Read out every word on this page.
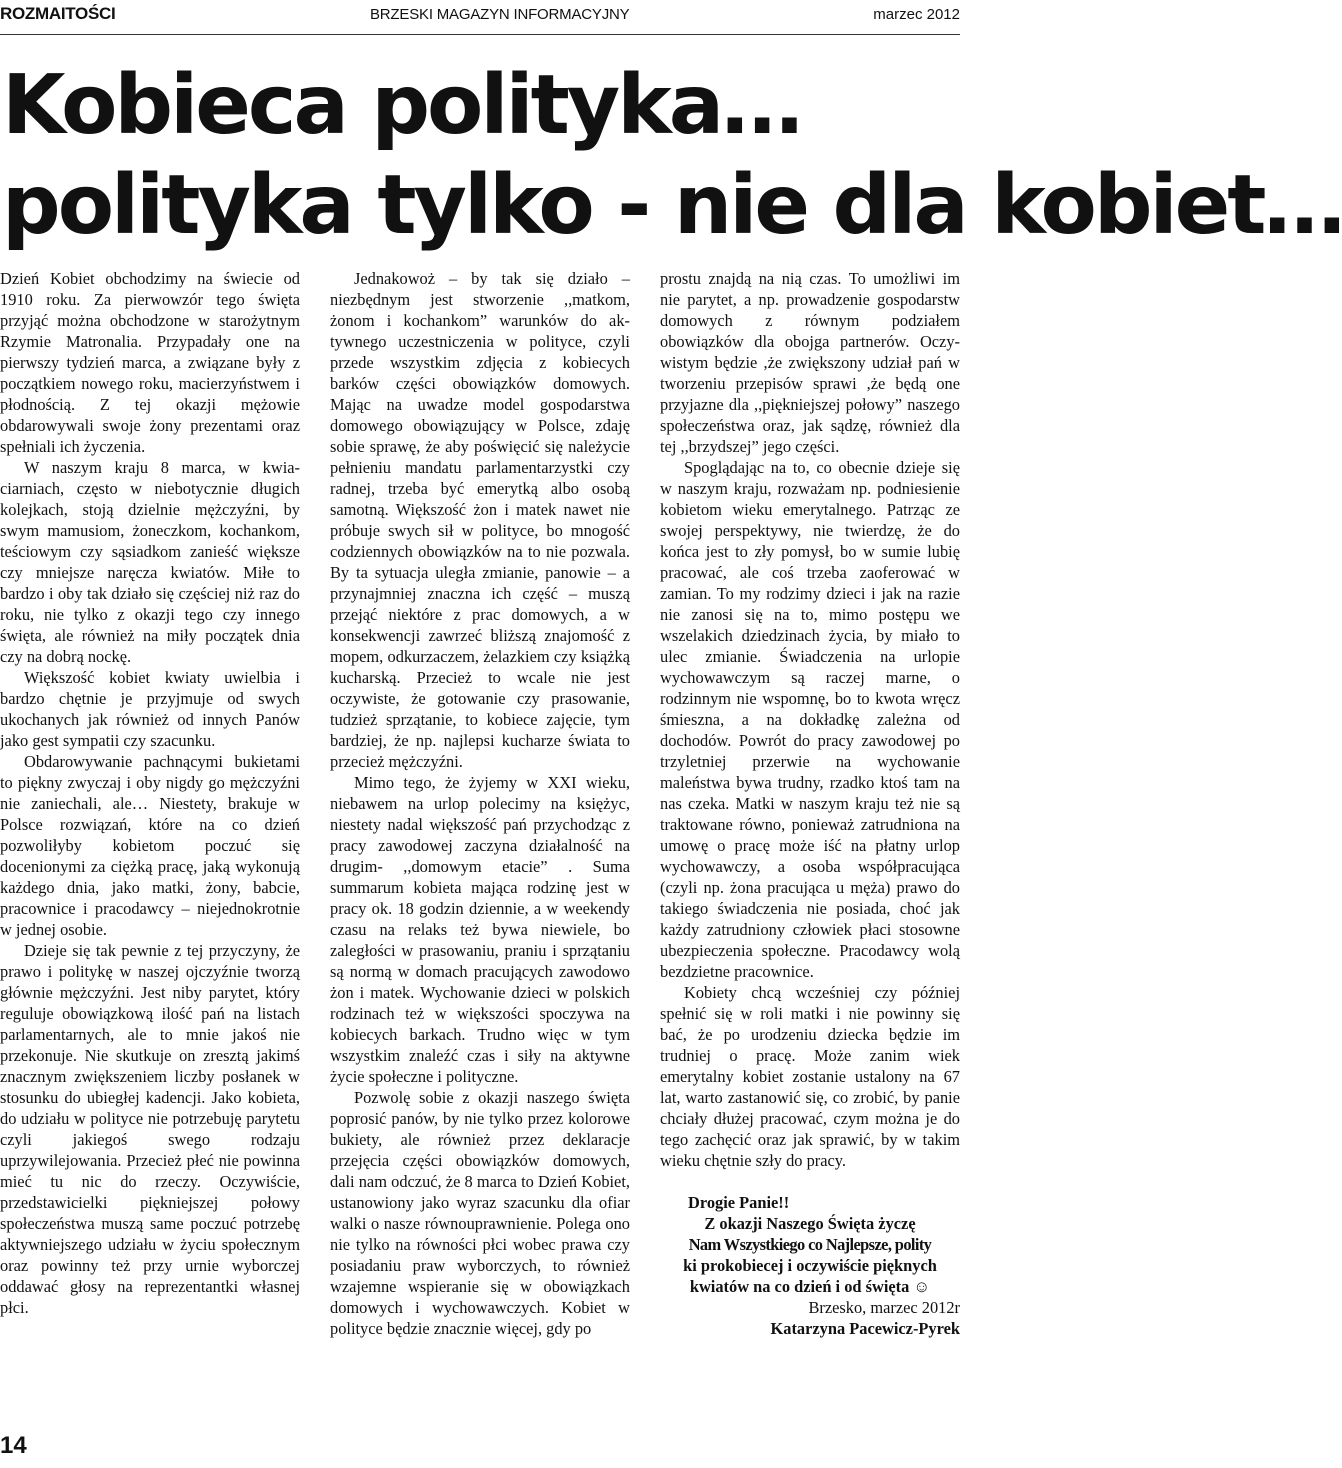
ROZMAITOŚCI	BRZESKI MAGAZYN INFORMACYJNY	marzec 2012
Kobieca polityka…
polityka tylko - nie dla kobiet…

Dzień Kobiet obchodzimy na świecie od 1910 roku. Za pierwowzór tego święta przyjąć można obchodzone w starożytnym Rzymie Matronalia. Przypadały one na pierwszy tydzień marca, a związane były z początkiem nowego roku, macierzyństwem i płodnością. Z tej okazji mężowie obdarowywali swoje żony prezentami oraz spełniali ich życzenia.

W naszym kraju 8 marca, w kwiaciarniach, często w niebotycznie długich kolejkach, stoją dzielnie mężczyźni, by swym mamusiom, żoneczkom, kochankom, teściowym czy sąsiadkom zanieść większe czy mniejsze naręcza kwiatów. Miłe to bardzo i oby tak działo się częściej niż raz do roku, nie tylko z okazji tego czy innego święta, ale również na miły początek dnia czy na dobrą nockę.

Większość kobiet kwiaty uwielbia i bardzo chętnie je przyjmuje od swych ukochanych jak również od innych Panów jako gest sympatii czy szacunku.

Obdarowywanie pachnącymi bukietami to piękny zwyczaj i oby nigdy go mężczyźni nie zaniechali, ale… Niestety, brakuje w Polsce rozwiązań, które na co dzień pozwoliłyby kobietom poczuć się docenionymi za ciężką pracę, jaką wykonują każdego dnia, jako matki, żony, babcie, pracownice i pracodawcy – niejednokrotnie w jednej osobie.

Dzieje się tak pewnie z tej przyczyny, że prawo i politykę w naszej ojczyźnie tworzą głównie mężczyźni. Jest niby parytet, który reguluje obowiązkową ilość pań na listach parlamentarnych, ale to mnie jakoś nie przekonuje. Nie skutkuje on zresztą jakimś znacznym zwiększeniem liczby posłanek w stosunku do ubiegłej kadencji. Jako kobieta, do udziału w polityce nie potrzebuję parytetu czyli jakiegoś swego rodzaju uprzywilejowania. Przecież płeć nie powinna mieć tu nic do rzeczy. Oczywiście, przedstawicielki piękniejszej połowy społeczeństwa muszą same poczuć potrzebę aktywniejszego udziału w życiu społecznym oraz powinny też przy urnie wyborczej oddawać głosy na reprezentantki własnej płci.

Jednakowoż – by tak się działo – niezbędnym jest stworzenie ,,matkom, żonom i kochankom” warunków do aktywnego uczestniczenia w polityce, czyli przede wszystkim zdjęcia z kobiecych barków części obowiązków domowych. Mając na uwadze model gospodarstwa domowego obowiązujący w Polsce, zdaję sobie sprawę, że aby poświęcić się należycie pełnieniu mandatu parlamentarzystki czy radnej, trzeba być emerytką albo osobą samotną. Większość żon i matek nawet nie próbuje swych sił w polityce, bo mnogość codziennych obowiązków na to nie pozwala. By ta sytuacja uległa zmianie, panowie – a przynajmniej znaczna ich część – muszą przejąć niektóre z prac domowych, a w konsekwencji zawrzeć bliższą znajomość z mopem, odkurzaczem, żelazkiem czy książką kucharską. Przecież to wcale nie jest oczywiste, że gotowanie czy prasowanie, tudzież sprzątanie, to kobiece zajęcie, tym bardziej, że np. najlepsi kucharze świata to przecież mężczyźni.

Mimo tego, że żyjemy w XXI wieku, niebawem na urlop polecimy na księżyc, niestety nadal większość pań przychodząc z pracy zawodowej zaczyna działalność na drugim- ,,domowym etacie” . Suma summarum kobieta mająca rodzinę jest w pracy ok. 18 godzin dziennie, a w weekendy czasu na relaks też bywa niewiele, bo zaległości w prasowaniu, praniu i sprzątaniu są normą w domach pracujących zawodowo żon i matek. Wychowanie dzieci w polskich rodzinach też w większości spoczywa na kobiecych barkach. Trudno więc w tym wszystkim znaleźć czas i siły na aktywne życie społeczne i polityczne.

Pozwolę sobie z okazji naszego święta poprosić panów, by nie tylko przez kolorowe bukiety, ale również przez deklaracje przejęcia części obowiązków domowych, dali nam odczuć, że 8 marca to Dzień Kobiet, ustanowiony jako wyraz szacunku dla ofiar walki o nasze równouprawnienie. Polega ono nie tylko na równości płci wobec prawa czy posiadaniu praw wyborczych, to również wzajemne wspieranie się w obowiązkach domowych i wychowawczych. Kobiet w polityce będzie znacznie więcej, gdy po

prostu znajdą na nią czas. To umożliwi im nie parytet, a np. prowadzenie gospodarstw domowych z równym podziałem obowiązków dla obojga partnerów. Oczywistym będzie ,że zwiększony udział pań w tworzeniu przepisów sprawi ,że będą one przyjazne dla ,,piękniejszej połowy” naszego społeczeństwa oraz, jak sądzę, również dla tej ,,brzydszej” jego części.

Spoglądając na to, co obecnie dzieje się w naszym kraju, rozważam np. podniesienie kobietom wieku emerytalnego. Patrząc ze swojej perspektywy, nie twierdzę, że do końca jest to zły pomysł, bo w sumie lubię pracować, ale coś trzeba zaoferować w zamian. To my rodzimy dzieci i jak na razie nie zanosi się na to, mimo postępu we wszelakich dziedzinach życia, by miało to ulec zmianie. Świadczenia na urlopie wychowawczym są raczej marne, o rodzinnym nie wspomnę, bo to kwota wręcz śmieszna, a na dokładkę zależna od dochodów. Powrót do pracy zawodowej po trzyletniej przerwie na wychowanie maleństwa bywa trudny, rzadko ktoś tam na nas czeka. Matki w naszym kraju też nie są traktowane równo, ponieważ zatrudniona na umowę o pracę może iść na płatny urlop wychowawczy, a osoba współpracująca (czyli np. żona pracująca u męża) prawo do takiego świadczenia nie posiada, choć jak każdy zatrudniony człowiek płaci stosowne ubezpieczenia społeczne. Pracodawcy wolą bezdzietne pracownice.

Kobiety chcą wcześniej czy później spełnić się w roli matki i nie powinny się bać, że po urodzeniu dziecka będzie im trudniej o pracę. Może zanim wiek emerytalny kobiet zostanie ustalony na 67 lat, warto zastanowić się, co zrobić, by panie chciały dłużej pracować, czym można je do tego zachęcić oraz jak sprawić, by w takim wieku chętnie szły do pracy.

Drogie Panie!!

Z okazji Naszego Święta życzę

Nam Wszystkiego co Najlepsze, polity

ki prokobiecej i oczywiście pięknych

kwiatów na co dzień i od święta ☺

Brzesko, marzec 2012r

Katarzyna Pacewicz-Pyrek

14
